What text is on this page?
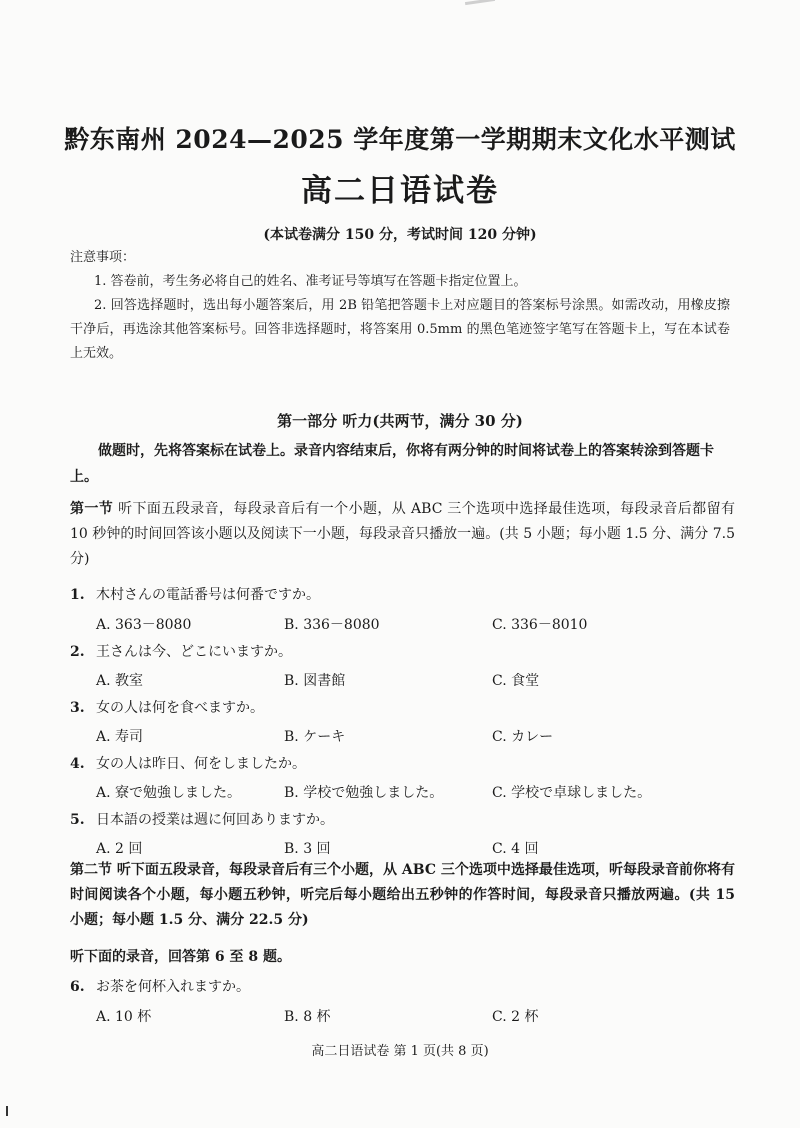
黔东南州 2024—2025 学年度第一学期期末文化水平测试
高二日语试卷
(本试卷满分 150 分，考试时间 120 分钟)
注意事项：
1. 答卷前，考生务必将自己的姓名、准考证号等填写在答题卡指定位置上。
2. 回答选择题时，选出每小题答案后，用 2B 铅笔把答题卡上对应题目的答案标号涂黑。如需改动，用橡皮擦干净后，再选涂其他答案标号。回答非选择题时，将答案用 0.5mm 的黑色笔迹签字笔写在答题卡上，写在本试卷上无效。
第一部分 听力(共两节，满分 30 分)
做题时，先将答案标在试卷上。录音内容结束后，你将有两分钟的时间将试卷上的答案转涂到答题卡上。
第一节 听下面五段录音，每段录音后有一个小题，从 ABC 三个选项中选择最佳选项，每段录音后都留有 10 秒钟的时间回答该小题以及阅读下一小题，每段录音只播放一遍。(共 5 小题；每小题 1.5 分、满分 7.5 分)
1. 木村さんの電話番号は何番ですか。
A. 363－8080	B. 336－8080	C. 336－8010
2. 王さんは今、どこにいますか。
A. 教室	B. 図書館	C. 食堂
3. 女の人は何を食べますか。
A. 寿司	B. ケーキ	C. カレー
4. 女の人は昨日、何をしましたか。
A. 寮で勉強しました。	B. 学校で勉強しました。	C. 学校で卓球しました。
5. 日本語の授業は週に何回ありますか。
A. 2 回	B. 3 回	C. 4 回
第二节 听下面五段录音，每段录音后有三个小题，从 ABC 三个选项中选择最佳选项，听每段录音前你将有时间阅读各个小题，每小题五秒钟，听完后每小题给出五秒钟的作答时间，每段录音只播放两遍。(共 15 小题；每小题 1.5 分、满分 22.5 分)
听下面的录音，回答第 6 至 8 题。
6. お茶を何杯入れますか。
A. 10 杯	B. 8 杯	C. 2 杯
高二日语试卷 第 1 页(共 8 页)
